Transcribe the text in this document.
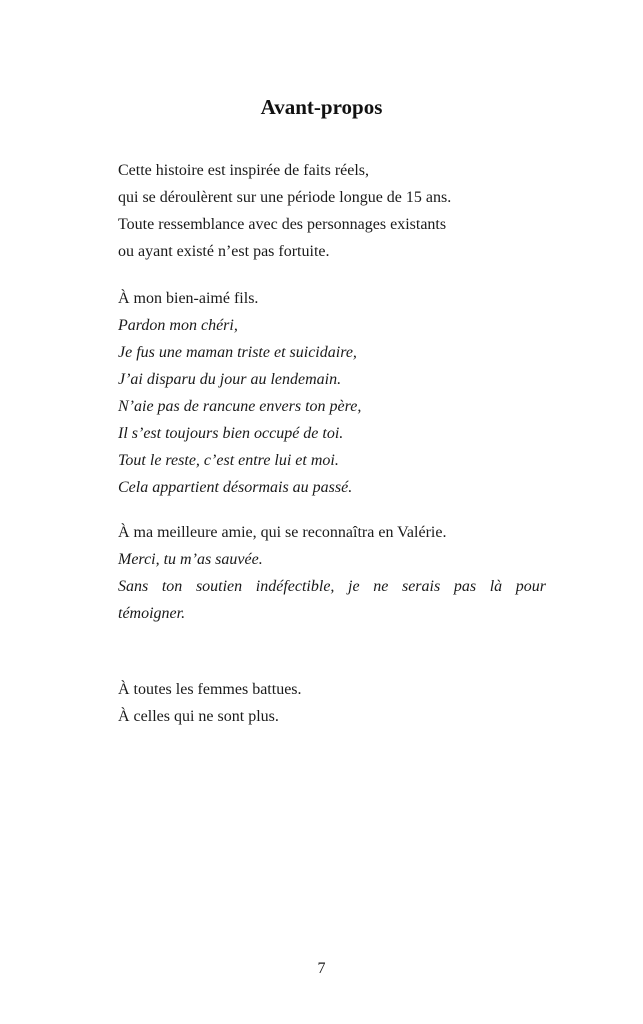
Avant-propos
Cette histoire est inspirée de faits réels,
qui se déroulèrent sur une période longue de 15 ans.
Toute ressemblance avec des personnages existants
ou ayant existé n’est pas fortuite.
À mon bien-aimé fils.
Pardon mon chéri,
Je fus une maman triste et suicidaire,
J’ai disparu du jour au lendemain.
N’aie pas de rancune envers ton père,
Il s’est toujours bien occupé de toi.
Tout le reste, c’est entre lui et moi.
Cela appartient désormais au passé.
À ma meilleure amie, qui se reconnaîtra en Valérie.
Merci, tu m’as sauvée.
Sans ton soutien indéfectible, je ne serais pas là pour
témoigner.
À toutes les femmes battues.
À celles qui ne sont plus.
7
